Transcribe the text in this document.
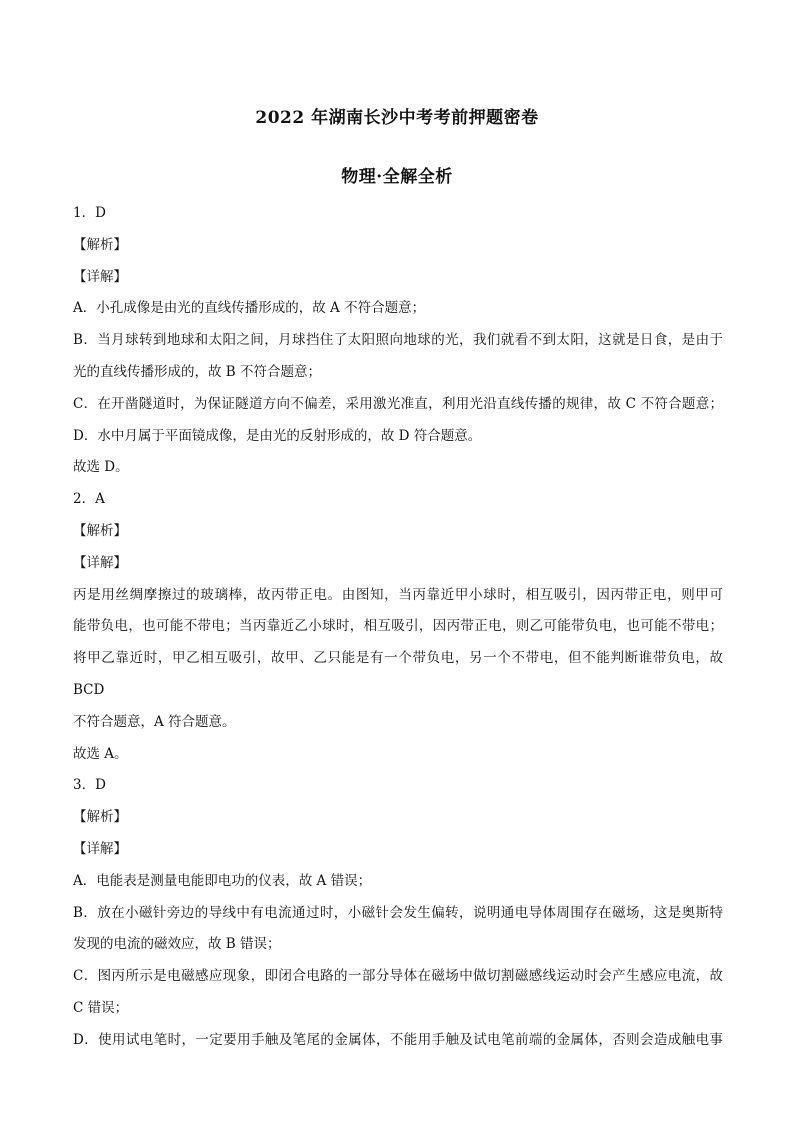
2022 年湖南长沙中考考前押题密卷
物理·全解全析

1．D

【解析】

【详解】

A．小孔成像是由光的直线传播形成的，故 A 不符合题意；

B．当月球转到地球和太阳之间，月球挡住了太阳照向地球的光，我们就看不到太阳，这就是日食，是由于

光的直线传播形成的，故 B 不符合题意；

C．在开凿隧道时，为保证隧道方向不偏差，采用激光准直，利用光沿直线传播的规律，故 C 不符合题意；

D．水中月属于平面镜成像，是由光的反射形成的，故 D 符合题意。

故选 D。

2．A

【解析】

【详解】

丙是用丝绸摩擦过的玻璃棒，故丙带正电。由图知，当丙靠近甲小球时，相互吸引，因丙带正电，则甲可

能带负电，也可能不带电；当丙靠近乙小球时，相互吸引，因丙带正电，则乙可能带负电，也可能不带电；

将甲乙靠近时，甲乙相互吸引，故甲、乙只能是有一个带负电，另一个不带电，但不能判断谁带负电，故 BCD

不符合题意，A 符合题意。

故选 A。

3．D

【解析】

【详解】

A．电能表是测量电能即电功的仪表，故 A 错误；

B．放在小磁针旁边的导线中有电流通过时，小磁针会发生偏转，说明通电导体周围存在磁场，这是奥斯特

发现的电流的磁效应，故 B 错误；

C．图丙所示是电磁感应现象，即闭合电路的一部分导体在磁场中做切割磁感线运动时会产生感应电流，故

C 错误；

D．使用试电笔时，一定要用手触及笔尾的金属体，不能用手触及试电笔前端的金属体，否则会造成触电事
